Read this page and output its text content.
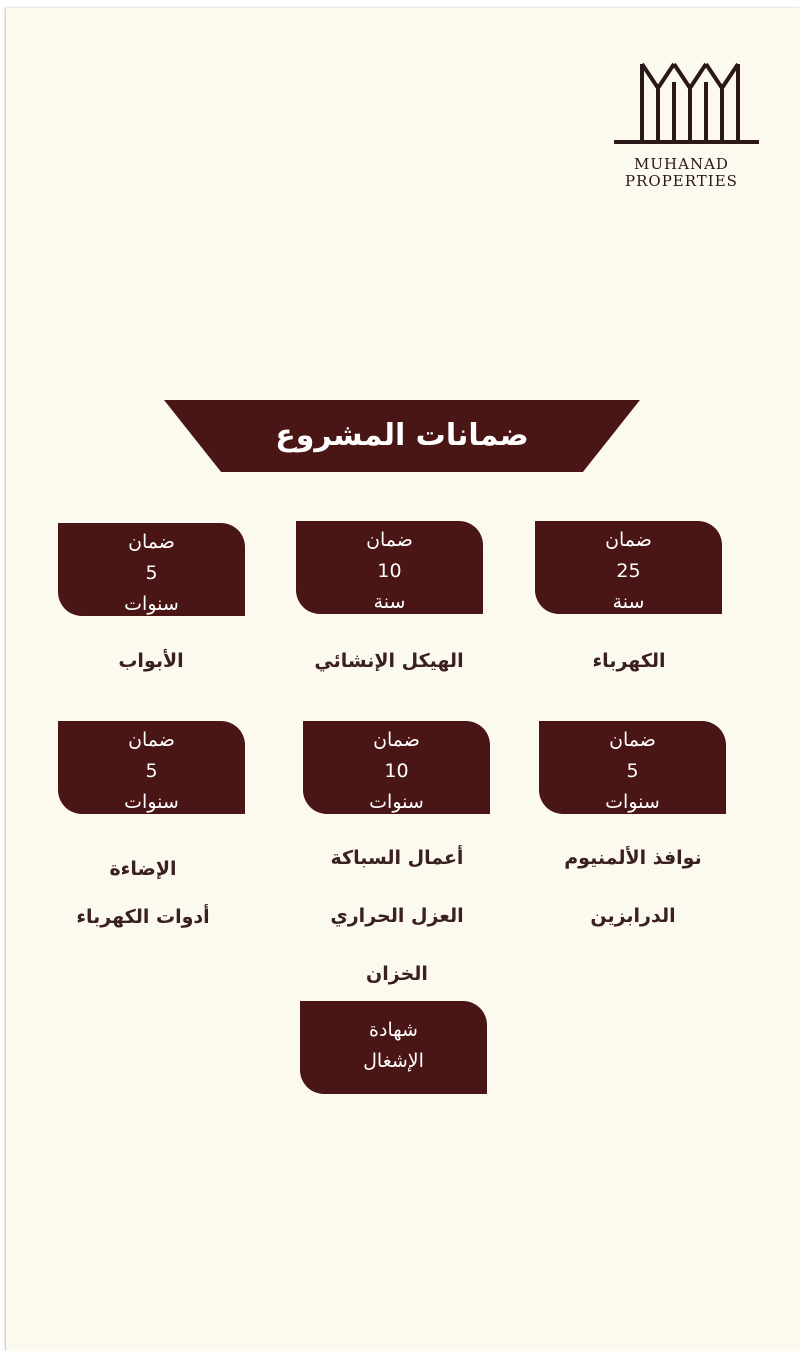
MUHANAD
PROPERTIES
ضمانات المشروع
ضمان
25
سنة
ضمان
10
سنة
ضمان
5
سنوات
الكهرباء
الهيكل الإنشائي
الأبواب
ضمان
5
سنوات
ضمان
10
سنوات
ضمان
5
سنوات
نوافذ الألمنيوم
الدرابزين
أعمال السباكة
العزل الحراري
الخزان
الإضاءة
أدوات الكهرباء
شهادة
الإشغال
